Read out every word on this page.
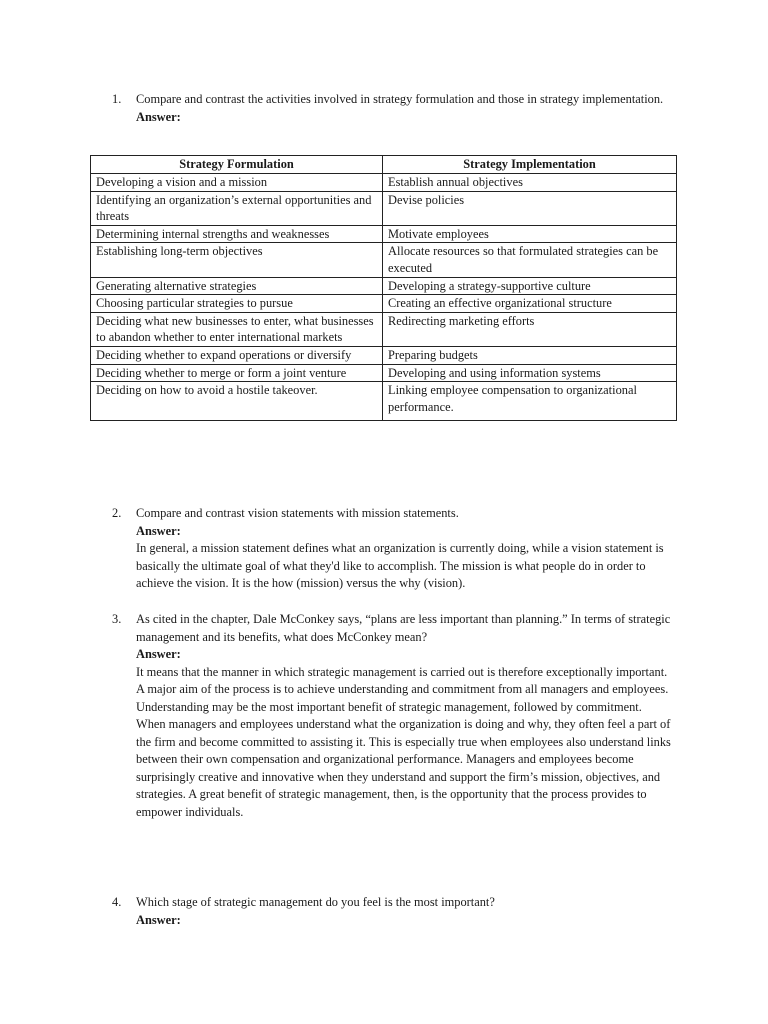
1. Compare and contrast the activities involved in strategy formulation and those in strategy implementation.
Answer:
Strategy Formulation	Strategy Implementation
Developing a vision and a mission	Establish annual objectives
Identifying an organization’s external opportunities and threats	Devise policies
Determining internal strengths and weaknesses	Motivate employees
Establishing long-term objectives	Allocate resources so that formulated strategies can be executed
Generating alternative strategies	Developing a strategy-supportive culture
Choosing particular strategies to pursue	Creating an effective organizational structure
Deciding what new businesses to enter, what businesses to abandon whether to enter international markets	Redirecting marketing efforts
Deciding whether to expand operations or diversify	Preparing budgets
Deciding whether to merge or form a joint venture	Developing and using information systems
Deciding on how to avoid a hostile takeover.	Linking employee compensation to organizational performance.
2. Compare and contrast vision statements with mission statements.
Answer:
In general, a mission statement defines what an organization is currently doing, while a vision statement is basically the ultimate goal of what they'd like to accomplish. The mission is what people do in order to achieve the vision. It is the how (mission) versus the why (vision).
3. As cited in the chapter, Dale McConkey says, “plans are less important than planning.” In terms of strategic management and its benefits, what does McConkey mean?
Answer:
It means that the manner in which strategic management is carried out is therefore exceptionally important. A major aim of the process is to achieve understanding and commitment from all managers and employees. Understanding may be the most important benefit of strategic management, followed by commitment. When managers and employees understand what the organization is doing and why, they often feel a part of the firm and become committed to assisting it. This is especially true when employees also understand links between their own compensation and organizational performance. Managers and employees become surprisingly creative and innovative when they understand and support the firm’s mission, objectives, and strategies. A great benefit of strategic management, then, is the opportunity that the process provides to empower individuals.
4. Which stage of strategic management do you feel is the most important?
Answer:
